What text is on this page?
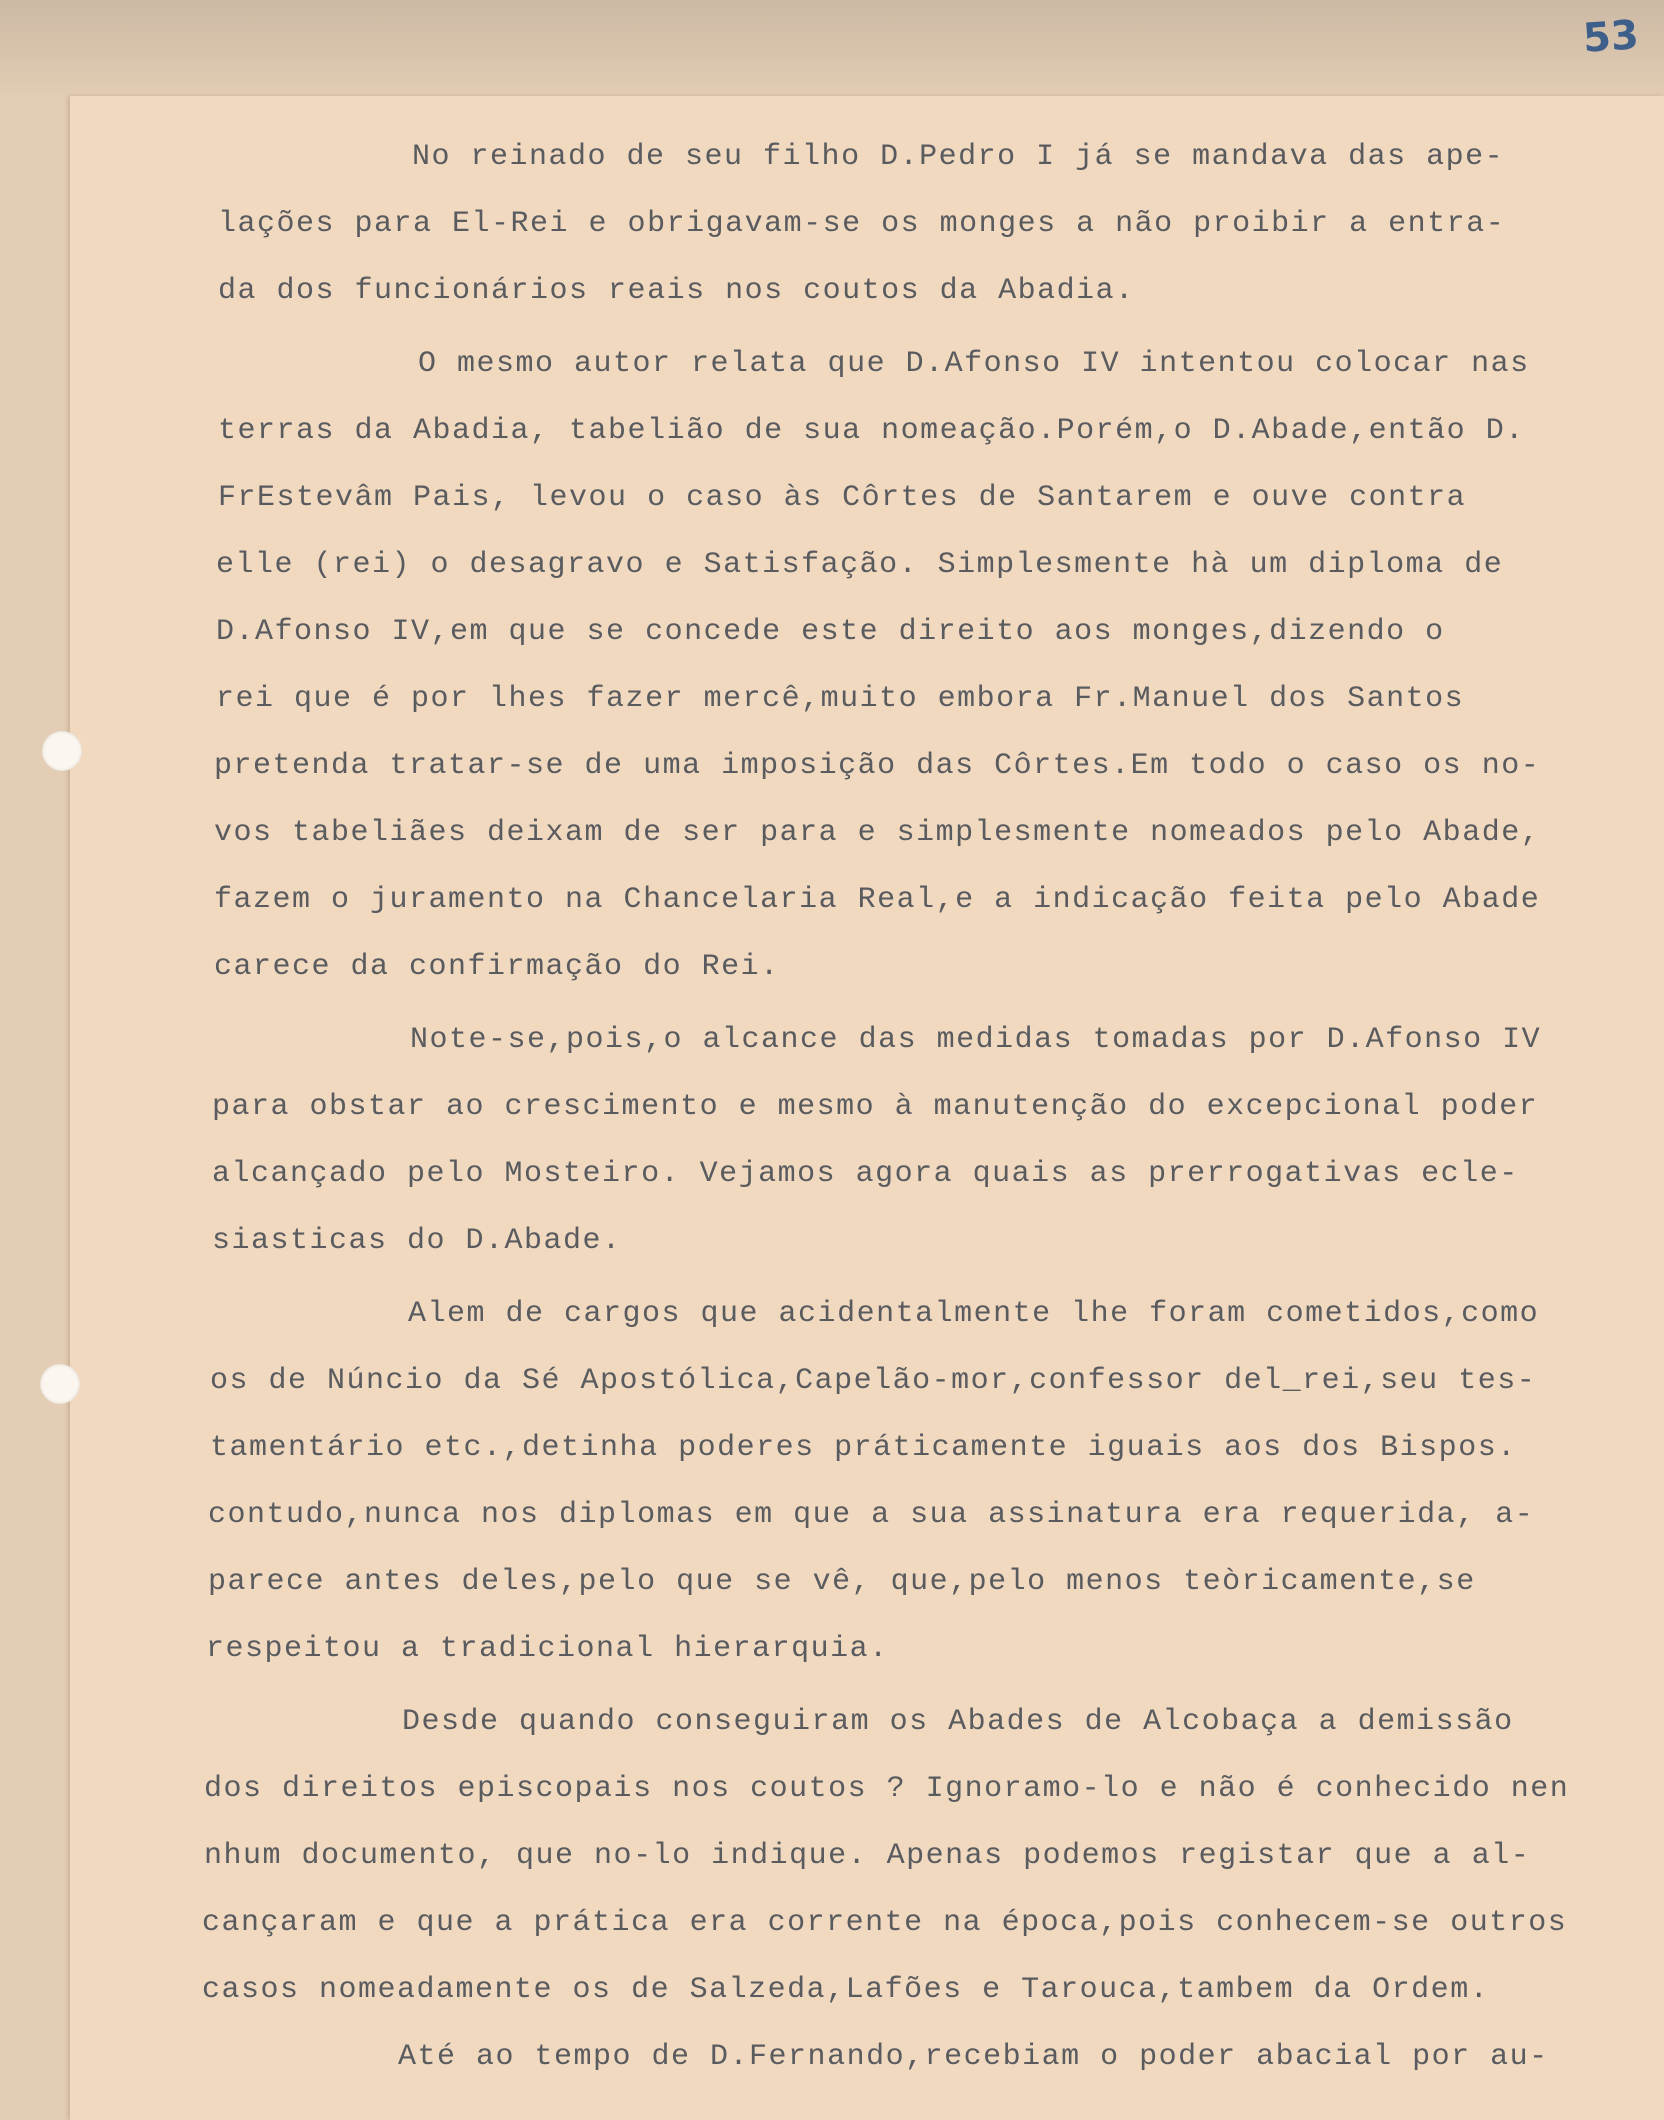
53
No reinado de seu filho D.Pedro I já se mandava das ape-
lações para El-Rei e obrigavam-se os monges a não proibir a entra-
da dos funcionários reais nos coutos da Abadia.
O mesmo autor relata que D.Afonso IV intentou colocar nas
terras da Abadia, tabelião de sua nomeação.Porém,o D.Abade,então D.
FrEstevâm Pais, levou o caso às Côrtes de Santarem e ouve contra
elle (rei) o desagravo e Satisfação. Simplesmente hà um diploma de
D.Afonso IV,em que se concede este direito aos monges,dizendo o
rei que é por lhes fazer mercê,muito embora Fr.Manuel dos Santos
pretenda tratar-se de uma imposição das Côrtes.Em todo o caso os no-
vos tabeliães deixam de ser para e simplesmente nomeados pelo Abade,
fazem o juramento na Chancelaria Real,e a indicação feita pelo Abade
carece da confirmação do Rei.
Note-se,pois,o alcance das medidas tomadas por D.Afonso IV
para obstar ao crescimento e mesmo à manutenção do excepcional poder
alcançado pelo Mosteiro. Vejamos agora quais as prerrogativas ecle-
siasticas do D.Abade.
Alem de cargos que acidentalmente lhe foram cometidos,como
os de Núncio da Sé Apostólica,Capelão-mor,confessor del_rei,seu tes-
tamentário etc.,detinha poderes práticamente iguais aos dos Bispos.
contudo,nunca nos diplomas em que a sua assinatura era requerida, a-
parece antes deles,pelo que se vê, que,pelo menos teòricamente,se
respeitou a tradicional hierarquia.
Desde quando conseguiram os Abades de Alcobaça a demissão
dos direitos episcopais nos coutos ? Ignoramo-lo e não é conhecido nen
nhum documento, que no-lo indique. Apenas podemos registar que a al-
cançaram e que a prática era corrente na época,pois conhecem-se outros
casos nomeadamente os de Salzeda,Lafões e Tarouca,tambem da Ordem.
Até ao tempo de D.Fernando,recebiam o poder abacial por au-
